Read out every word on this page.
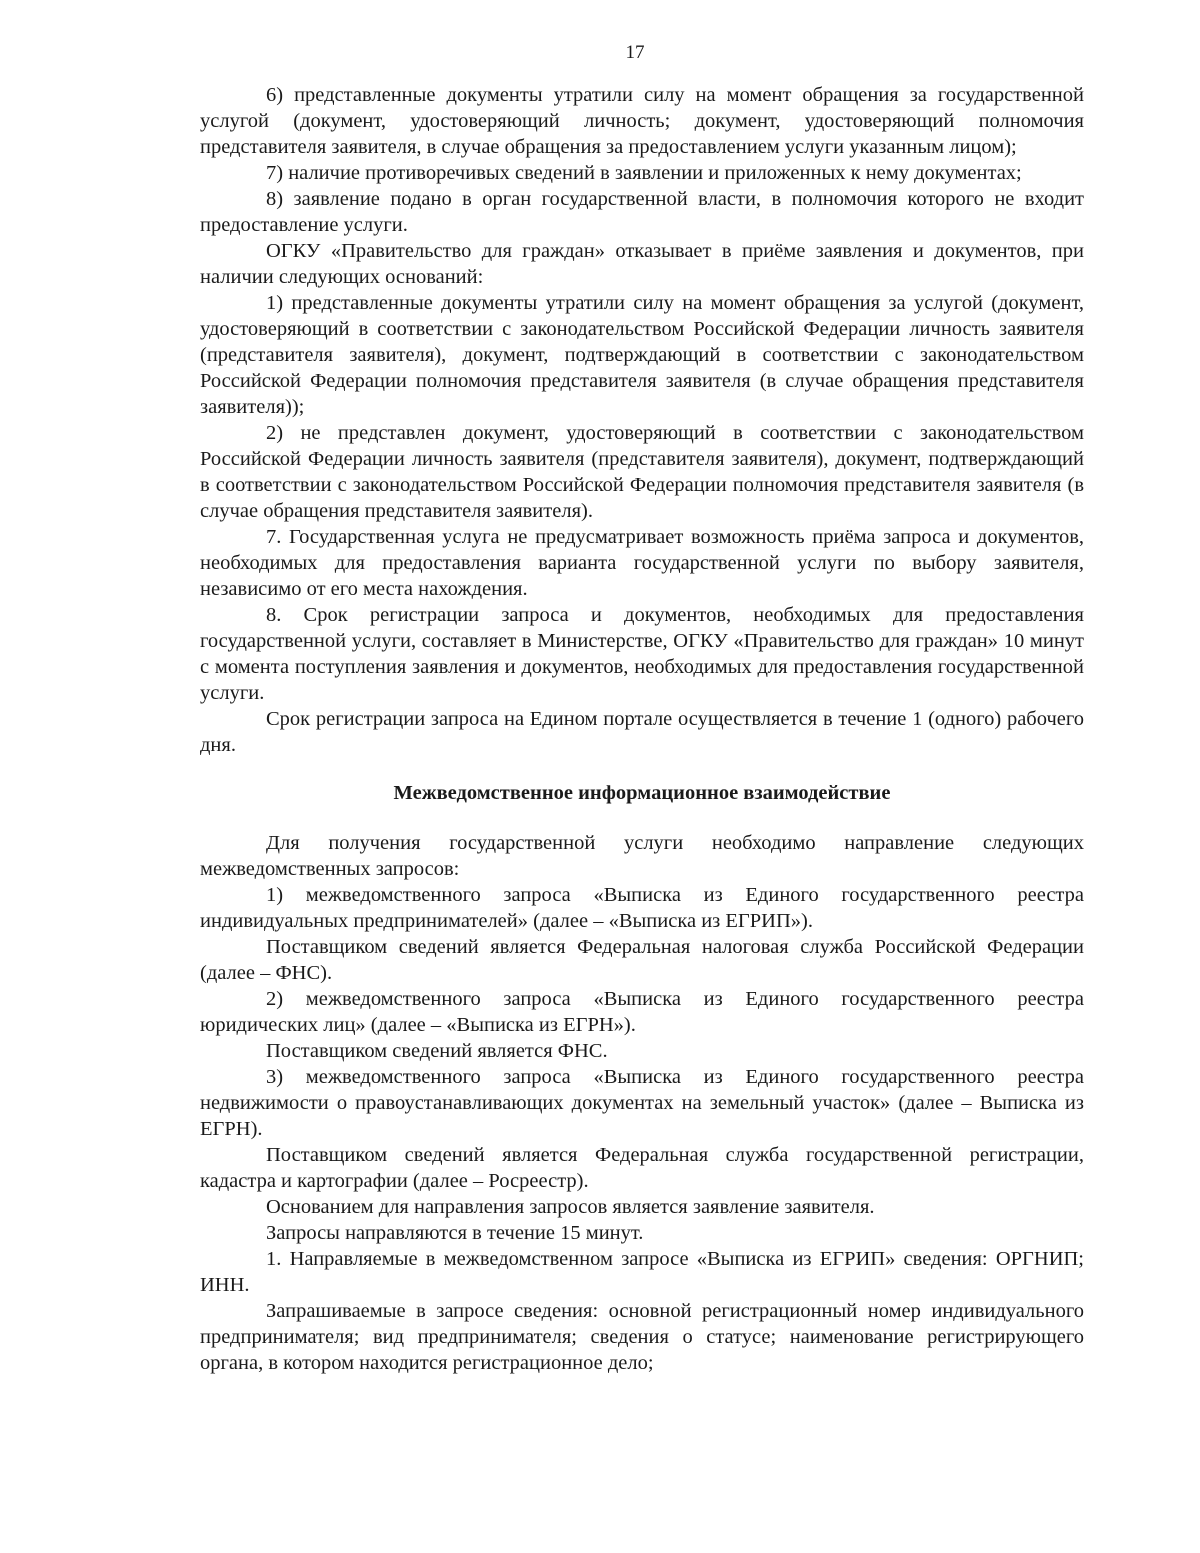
17

6) представленные документы утратили силу на момент обращения за государственной услугой (документ, удостоверяющий личность; документ, удостоверяющий полномочия представителя заявителя, в случае обращения за предоставлением услуги указанным лицом);

7) наличие противоречивых сведений в заявлении и приложенных к нему документах;

8) заявление подано в орган государственной власти, в полномочия которого не входит предоставление услуги.

ОГКУ «Правительство для граждан» отказывает в приёме заявления и документов, при наличии следующих оснований:

1) представленные документы утратили силу на момент обращения за услугой (документ, удостоверяющий в соответствии с законодательством Российской Федерации личность заявителя (представителя заявителя), документ, подтверждающий в соответствии с законодательством Российской Федерации полномочия представителя заявителя (в случае обращения представителя заявителя));

2) не представлен документ, удостоверяющий в соответствии с законодательством Российской Федерации личность заявителя (представителя заявителя), документ, подтверждающий в соответствии с законодательством Российской Федерации полномочия представителя заявителя (в случае обращения представителя заявителя).

7. Государственная услуга не предусматривает возможность приёма запроса и документов, необходимых для предоставления варианта государственной услуги по выбору заявителя, независимо от его места нахождения.

8. Срок регистрации запроса и документов, необходимых для предоставления государственной услуги, составляет в Министерстве, ОГКУ «Правительство для граждан» 10 минут с момента поступления заявления и документов, необходимых для предоставления государственной услуги.

Срок регистрации запроса на Едином портале осуществляется в течение 1 (одного) рабочего дня.

Межведомственное информационное взаимодействие

Для получения государственной услуги необходимо направление следующих межведомственных запросов:

1) межведомственного запроса «Выписка из Единого государственного реестра индивидуальных предпринимателей» (далее – «Выписка из ЕГРИП»).

Поставщиком сведений является Федеральная налоговая служба Российской Федерации (далее – ФНС).

2) межведомственного запроса «Выписка из Единого государственного реестра юридических лиц» (далее – «Выписка из ЕГРН»).

Поставщиком сведений является ФНС.

3) межведомственного запроса «Выписка из Единого государственного реестра недвижимости о правоустанавливающих документах на земельный участок» (далее – Выписка из ЕГРН).

Поставщиком сведений является Федеральная служба государственной регистрации, кадастра и картографии (далее – Росреестр).

Основанием для направления запросов является заявление заявителя.

Запросы направляются в течение 15 минут.

1. Направляемые в межведомственном запросе «Выписка из ЕГРИП» сведения: ОРГНИП; ИНН.

Запрашиваемые в запросе сведения: основной регистрационный номер индивидуального предпринимателя; вид предпринимателя; сведения о статусе; наименование регистрирующего органа, в котором находится регистрационное дело;
